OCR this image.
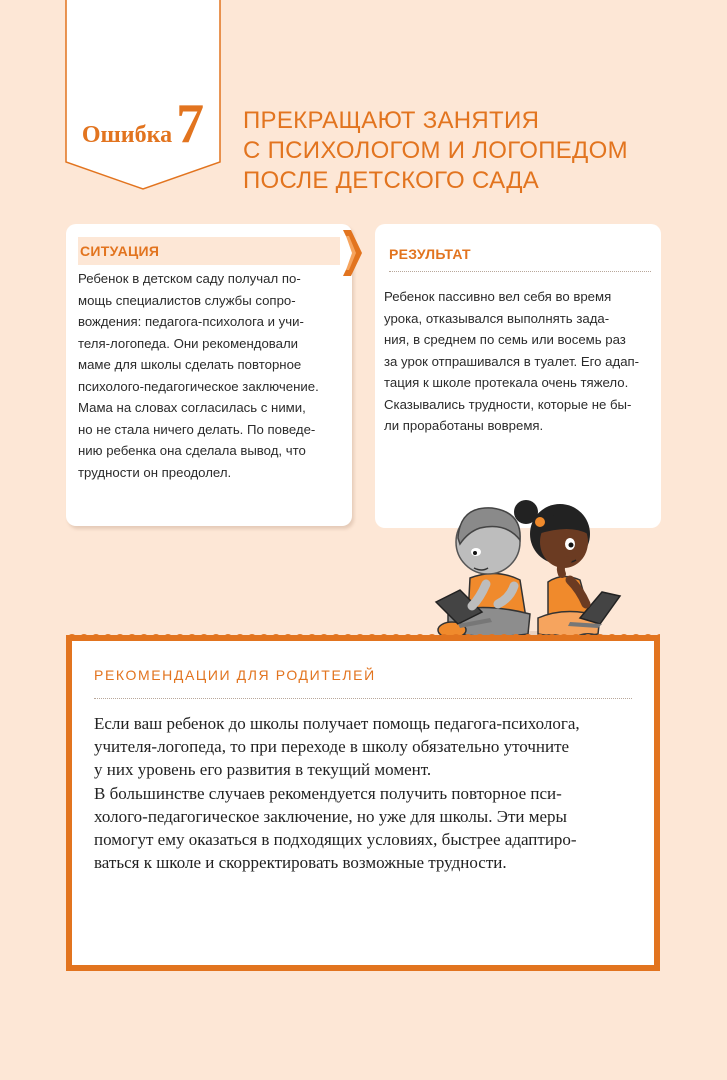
Ошибка7	ПРЕКРАЩАЮТ ЗАНЯТИЯ
С ПСИХОЛОГОМ И ЛОГОПЕДОМ
ПОСЛЕ ДЕТСКОГО САДА
СИТУАЦИЯ
Ребенок в детском саду получал по-
мощь специалистов службы сопро-
вождения: педагога-психолога и учи-
теля-логопеда. Они рекомендовали
маме для школы сделать повторное
психолого-педагогическое заключение.
Мама на словах согласилась с ними,
но не стала ничего делать. По поведе-
нию ребенка она сделала вывод, что
трудности он преодолел.
РЕЗУЛЬТАТ
Ребенок пассивно вел себя во время
урока, отказывался выполнять зада-
ния, в среднем по семь или восемь раз
за урок отпрашивался в туалет. Его адап-
тация к школе протекала очень тяжело.
Сказывались трудности, которые не бы-
ли проработаны вовремя.
РЕКОМЕНДАЦИИ ДЛЯ РОДИТЕЛЕЙ
Если ваш ребенок до школы получает помощь педагога-психолога,
учителя-логопеда, то при переходе в школу обязательно уточните
у них уровень его развития в текущий момент.
В большинстве случаев рекомендуется получить повторное пси-
холого-педагогическое заключение, но уже для школы. Эти меры
помогут ему оказаться в подходящих условиях, быстрее адаптиро-
ваться к школе и скорректировать возможные трудности.
